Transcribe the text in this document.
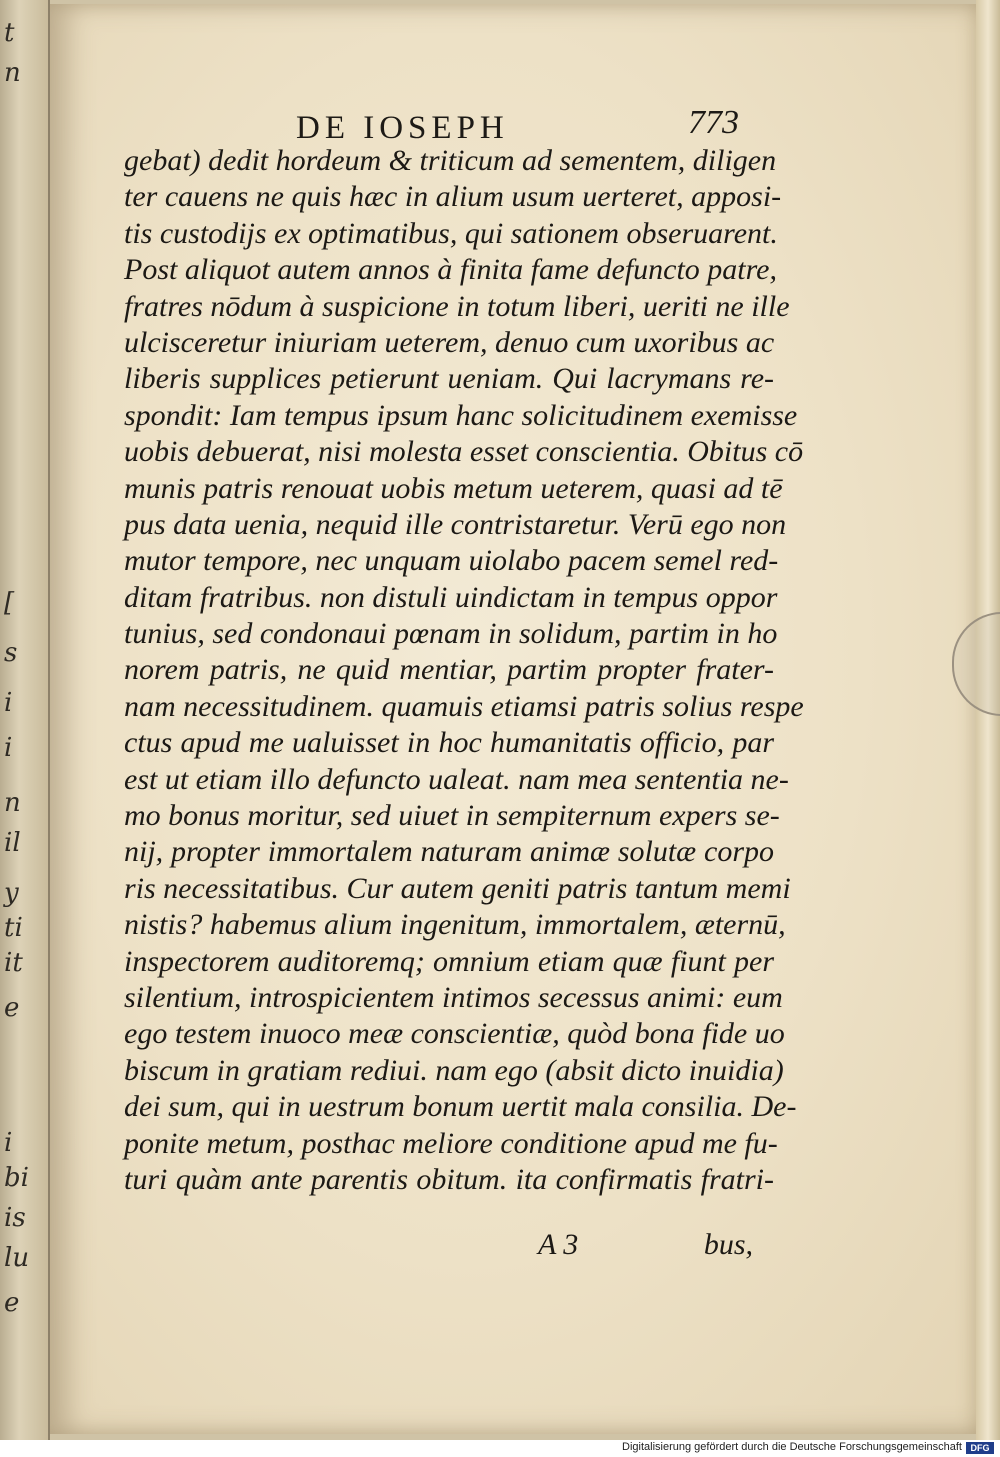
t
n
[
s
i
i
n
il
y
ti
it
e
i
bi
is
lu
e
DE IOSEPH	773
gebat) dedit hordeum & triticum ad sementem, diligen
ter cauens ne quis hæc in alium usum uerteret, apposi-
tis custodijs ex optimatibus, qui sationem obseruarent.
Post aliquot autem annos à finita fame defuncto patre,
fratres nōdum à suspicione in totum liberi, ueriti ne ille
ulcisceretur iniuriam ueterem, denuo cum uxoribus ac
liberis supplices petierunt ueniam. Qui lacrymans re-
spondit: Iam tempus ipsum hanc solicitudinem exemisse
uobis debuerat, nisi molesta esset conscientia. Obitus cō
munis patris renouat uobis metum ueterem, quasi ad tē
pus data uenia, nequid ille contristaretur. Verū ego non
mutor tempore, nec unquam uiolabo pacem semel red-
ditam fratribus. non distuli uindictam in tempus oppor
tunius, sed condonaui pœnam in solidum, partim in ho
norem patris, ne quid mentiar, partim propter frater-
nam necessitudinem. quamuis etiamsi patris solius respe
ctus apud me ualuisset in hoc humanitatis officio, par
est ut etiam illo defuncto ualeat. nam mea sententia ne-
mo bonus moritur, sed uiuet in sempiternum expers se-
nij, propter immortalem naturam animæ solutæ corpo
ris necessitatibus. Cur autem geniti patris tantum memi
nistis? habemus alium ingenitum, immortalem, æternū,
inspectorem auditoremq; omnium etiam quæ fiunt per
silentium, introspicientem intimos secessus animi: eum
ego testem inuoco meæ conscientiæ, quòd bona fide uo
biscum in gratiam rediui. nam ego (absit dicto inuidia)
dei sum, qui in uestrum bonum uertit mala consilia. De-
ponite metum, posthac meliore conditione apud me fu-
turi quàm ante parentis obitum. ita confirmatis fratri-
A 3	bus,
Digitalisierung gefördert durch die Deutsche Forschungsgemeinschaft DFG
